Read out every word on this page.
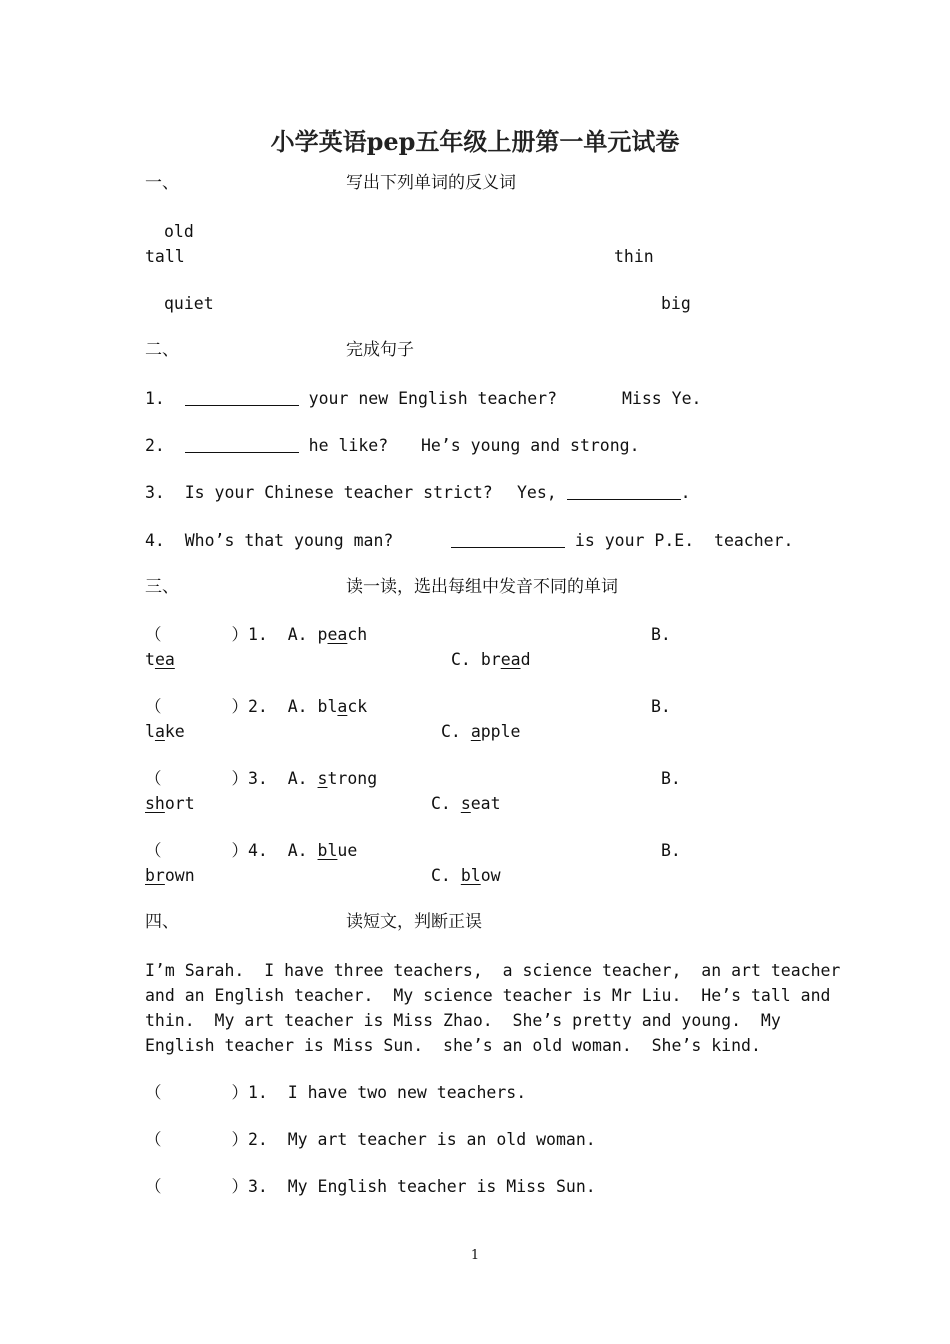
小学英语pep五年级上册第一单元试卷
一、	写出下列单词的反义词
old
tall	thin
quiet	big
二、	完成句子
1.	your new English teacher?	Miss Ye.
2.	he like? He’s young and strong.
3.  Is your Chinese teacher strict? Yes,	.
4.  Who’s that young man?	is your P.E.  teacher.
三、	读一读，选出每组中发音不同的单词
（	）1.  A. peach	B.
tea	C. bread
（	）2.  A. black	B.
lake	C. apple
（	）3.  A. strong	B.
short	C. seat
（	）4.  A. blue	B.
brown	C. blow
四、	读短文，判断正误
I’m Sarah.  I have three teachers,  a science teacher,  an art teacher
and an English teacher.  My science teacher is Mr Liu.  He’s tall and
thin.  My art teacher is Miss Zhao.  She’s pretty and young.  My
English teacher is Miss Sun.  she’s an old woman.  She’s kind.
（	）1. I have two new teachers.
（	）2. My art teacher is an old woman.
（	）3. My English teacher is Miss Sun.
1
